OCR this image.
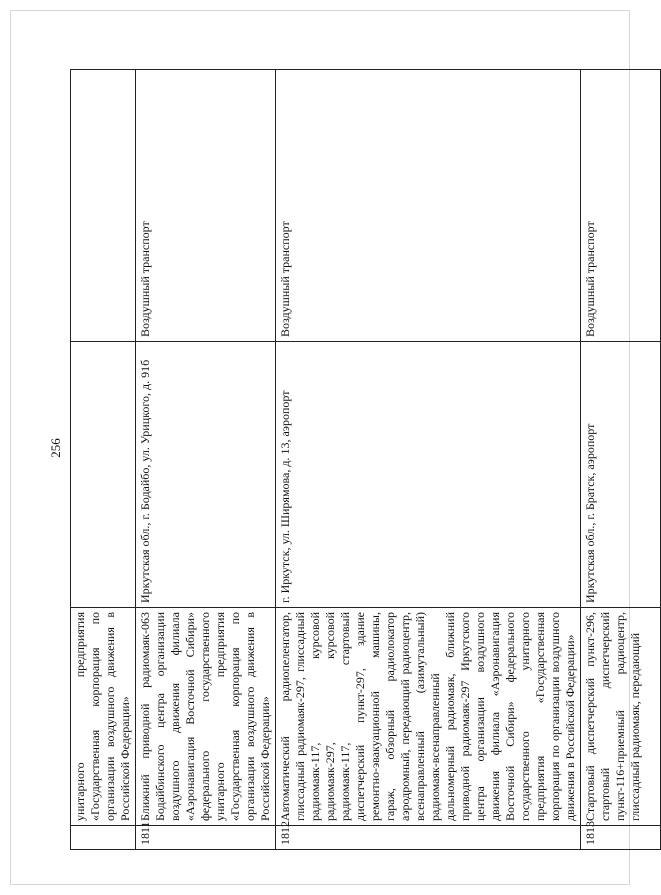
	унитарного предприятия «Государственная корпорация по организации воздушного движения в Российской Федерации»		
1811	Ближний приводной радиомаяк-063 Бодайбинского центра организации воздушного движения филиала «Аэронавигация Восточной Сибири» федерального государственного унитарного предприятия «Государственная корпорация по организации воздушного движения в Российской Федерации»	Иркутская обл., г. Бодайбо, ул. Урицкого, д. 91б	Воздушный транспорт
1812	Автоматический радиопеленгатор, глиссадный радиомаяк-297, глиссадный радиомаяк-117, курсовой радиомаяк-297, курсовой радиомаяк-117, стартовый диспетчерский пункт-297, здание ремонтно-эвакуационной машины, гараж, обзорный радиолокатор аэродромный, передающий радиоцентр, всенаправленный (азимутальный) радиомаяк-всенаправленный дальномерный радиомаяк, ближний приводной радиомаяк-297 Иркутского центра организации воздушного движения филиала «Аэронавигация Восточной Сибири» федерального государственного унитарного предприятия «Государственная корпорация по организации воздушного движения в Российской Федерации»	г. Иркутск, ул. Ширямова, д. 13, аэропорт	Воздушный транспорт
1813	Стартовый диспетчерский пункт-296, стартовый диспетчерский пункт-116+приемный радиоцентр, глиссадный радиомаяк, передающий	Иркутская обл., г. Братск, аэропорт	Воздушный транспорт
256
